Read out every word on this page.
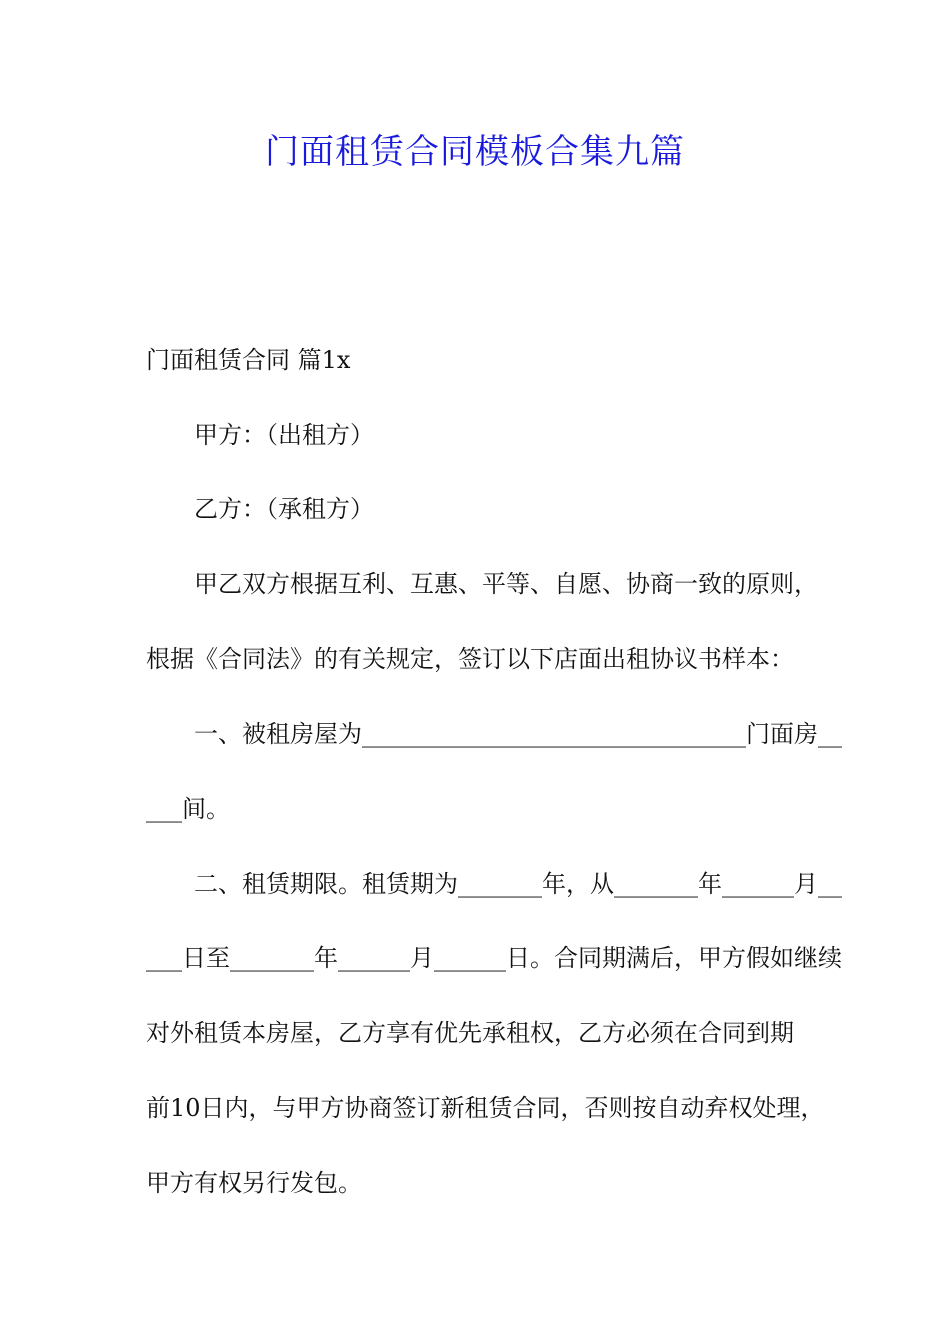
门面租赁合同模板合集九篇

门面租赁合同 篇1x

甲方：（出租方）

乙方：（承租方）

甲乙双方根据互利、互惠、平等、自愿、协商一致的原则，

根据《合同法》的有关规定，签订以下店面出租协议书样本：

一、被租房屋为________________________________门面房__

___间。

二、租赁期限。租赁期为_______年，从_______年______月__

___日至_______年______月______日。合同期满后，甲方假如继续

对外租赁本房屋，乙方享有优先承租权，乙方必须在合同到期

前10日内，与甲方协商签订新租赁合同，否则按自动弃权处理，

甲方有权另行发包。
